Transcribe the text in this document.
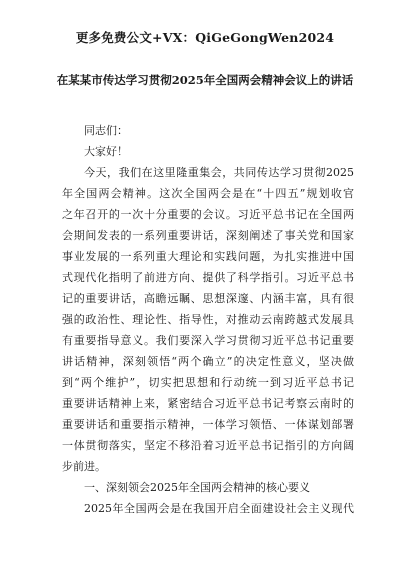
更多免费公文+VX：QiGeGongWen2024
在某某市传达学习贯彻2025年全国两会精神会议上的讲话
同志们：
大家好！
今天，我们在这里隆重集会，共同传达学习贯彻2025
年全国两会精神。这次全国两会是在“十四五”规划收官
之年召开的一次十分重要的会议。习近平总书记在全国两
会期间发表的一系列重要讲话，深刻阐述了事关党和国家
事业发展的一系列重大理论和实践问题，为扎实推进中国
式现代化指明了前进方向、提供了科学指引。习近平总书
记的重要讲话，高瞻远瞩、思想深邃、内涵丰富，具有很
强的政治性、理论性、指导性，对推动云南跨越式发展具
有重要指导意义。我们要深入学习贯彻习近平总书记重要
讲话精神，深刻领悟“两个确立”的决定性意义，坚决做
到“两个维护”，切实把思想和行动统一到习近平总书记
重要讲话精神上来，紧密结合习近平总书记考察云南时的
重要讲话和重要指示精神，一体学习领悟、一体谋划部署
一体贯彻落实，坚定不移沿着习近平总书记指引的方向阔
步前进。
一、深刻领会2025年全国两会精神的核心要义
2025年全国两会是在我国开启全面建设社会主义现代
